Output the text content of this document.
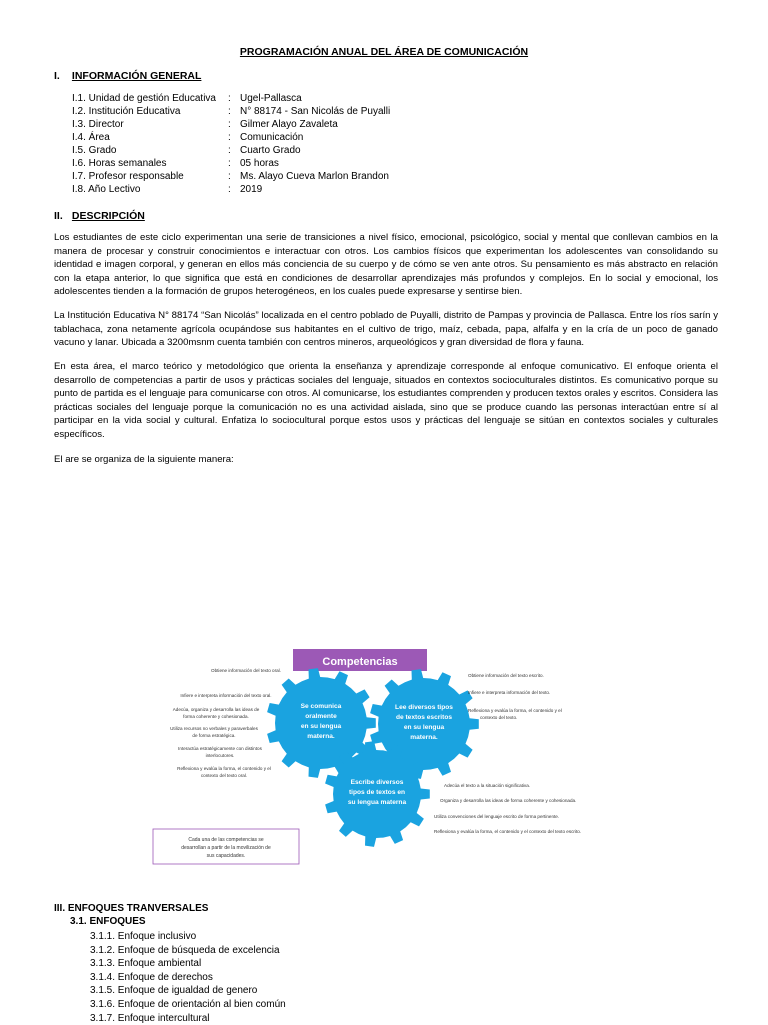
PROGRAMACIÓN ANUAL DEL ÁREA DE COMUNICACIÓN
I. INFORMACIÓN GENERAL
I.1. Unidad de gestión Educativa	: Ugel-Pallasca
I.2. Institución Educativa	: N° 88174 - San Nicolás de Puyalli
I.3. Director	: Gilmer Alayo Zavaleta
I.4. Área	: Comunicación
I.5. Grado	: Cuarto Grado
I.6. Horas semanales	: 05 horas
I.7. Profesor responsable	: Ms. Alayo Cueva Marlon Brandon
I.8. Año Lectivo	: 2019
II. DESCRIPCIÓN

Los estudiantes de este ciclo experimentan una serie de transiciones a nivel físico, emocional, psicológico, social y mental que conllevan cambios en la manera de procesar y construir conocimientos e interactuar con otros. Los cambios físicos que experimentan los adolescentes van consolidando su identidad e imagen corporal, y generan en ellos más conciencia de su cuerpo y de cómo se ven ante otros. Su pensamiento es más abstracto en relación con la etapa anterior, lo que significa que está en condiciones de desarrollar aprendizajes más profundos y complejos. En lo social y emocional, los adolescentes tienden a la formación de grupos heterogéneos, en los cuales puede expresarse y sentirse bien.

La Institución Educativa N° 88174 “San Nicolás” localizada en el centro poblado de Puyalli, distrito de Pampas y provincia de Pallasca. Entre los ríos sarín y tablachaca, zona netamente agrícola ocupándose sus habitantes en el cultivo de trigo, maíz, cebada, papa, alfalfa y en la cría de un poco de ganado vacuno y lanar. Ubicada a 3200msnm cuenta también con centros mineros, arqueológicos y gran diversidad de flora y fauna.

En esta área, el marco teórico y metodológico que orienta la enseñanza y aprendizaje corresponde al enfoque comunicativo. El enfoque orienta el desarrollo de competencias a partir de usos y prácticas sociales del lenguaje, situados en contextos socioculturales distintos. Es comunicativo porque su punto de partida es el lenguaje para comunicarse con otros. Al comunicarse, los estudiantes comprenden y producen textos orales y escritos. Considera las prácticas sociales del lenguaje porque la comunicación no es una actividad aislada, sino que se produce cuando las personas interactúan entre sí al participar en la vida social y cultural. Enfatiza lo sociocultural porque estos usos y prácticas del lenguaje se sitúan en contextos sociales y culturales específicos.

El are se organiza de la siguiente manera:

Competencias
Se comunica
oralmente
en su lengua
materna.
Lee diversos tipos
de textos escritos
en su lengua
materna.
Escribe diversos
tipos de textos en
su lengua materna
Obtiene información del texto oral.
Infiere e interpreta información del texto oral.
Adecúa, organiza y desarrolla las ideas de
forma coherente y cohesionada.
Utiliza recursos no verbales y paraverbales
de forma estratégica.
Interactúa estratégicamente con distintos
interlocutores.
Reflexiona y evalúa la forma, el contenido y el
contexto del texto oral.
Obtiene información del texto escrito.
Infiere e interpreta información del texto.
Reflexiona y evalúa la forma, el contenido y el
contexto del texto.
Adecúa el texto a la situación significativa.
Organiza y desarrolla las ideas de forma coherente y cohesionada.
Utiliza convenciones del lenguaje escrito de forma pertinente.
Reflexiona y evalúa la forma, el contenido y el contexto del texto escrito.
Cada una de las competencias se
desarrollan a partir de la movilización de
sus capacidades.
III. ENFOQUES TRANVERSALES
3.1. ENFOQUES
3.1.1. Enfoque inclusivo
3.1.2. Enfoque de búsqueda de excelencia
3.1.3. Enfoque ambiental
3.1.4. Enfoque de derechos
3.1.5. Enfoque de igualdad de genero
3.1.6. Enfoque de orientación al bien común
3.1.7. Enfoque intercultural
